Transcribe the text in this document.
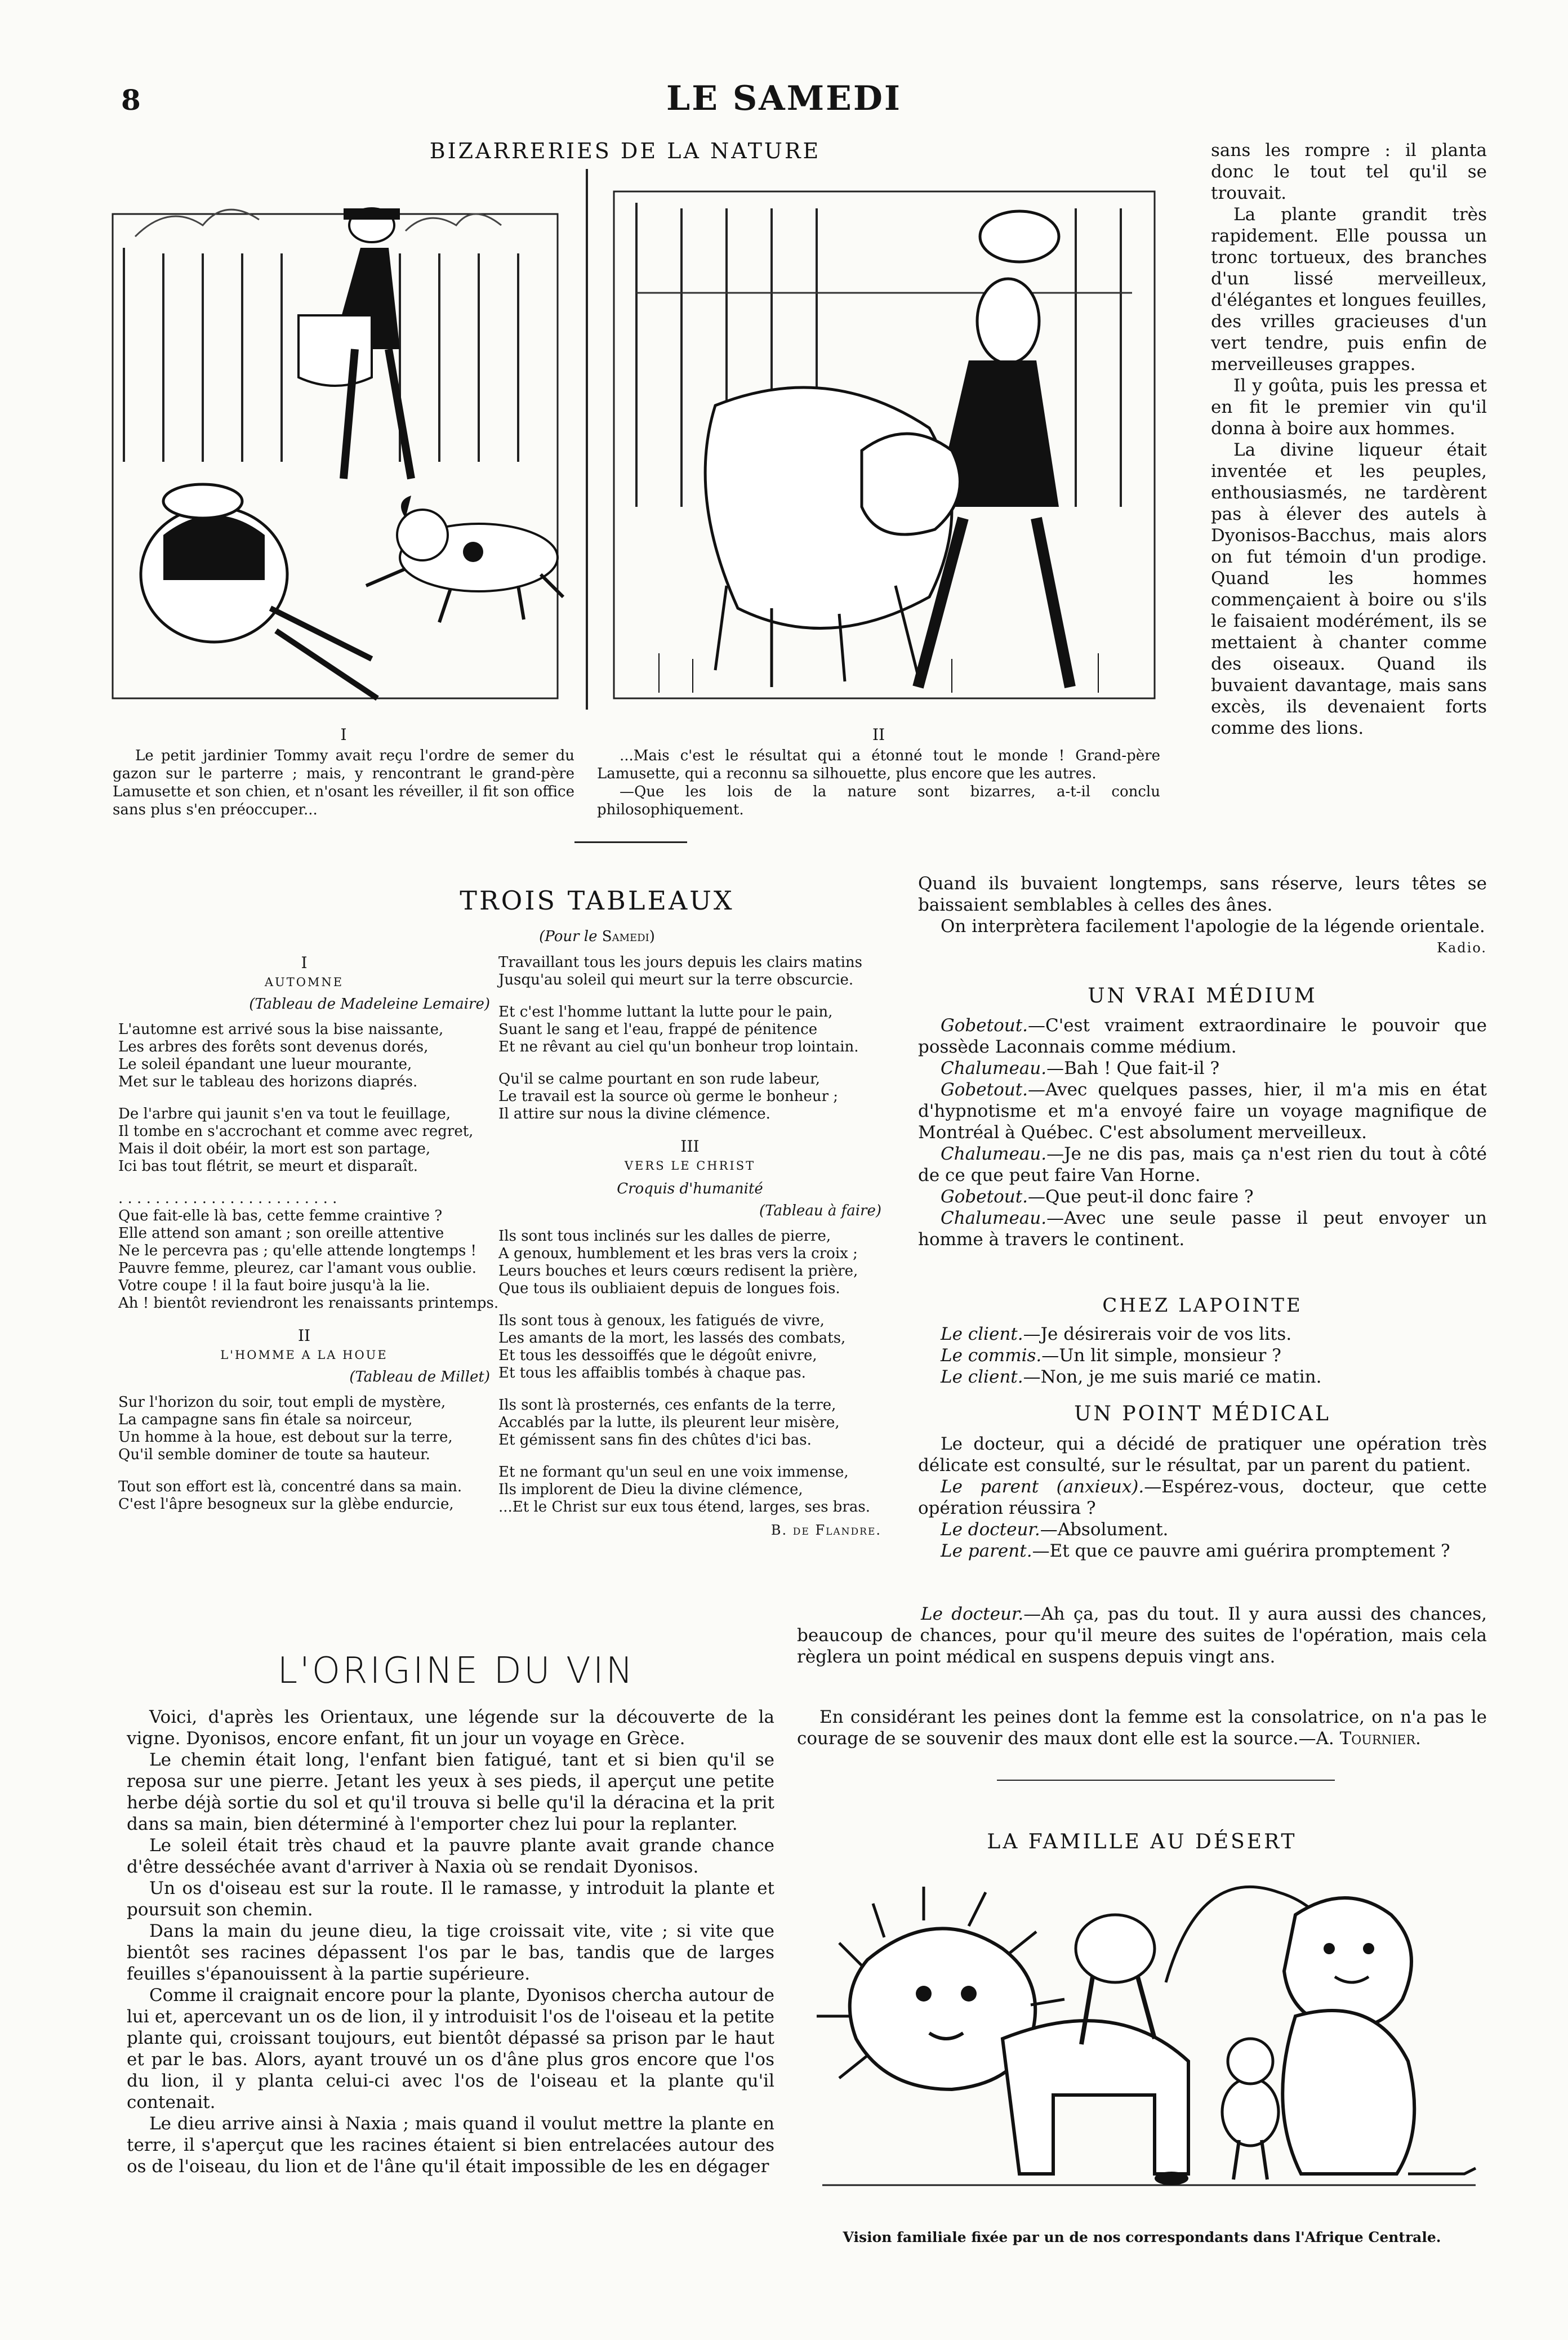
8	LE SAMEDI
BIZARRERIES DE LA NATURE
I

Le petit jardinier Tommy avait reçu l'ordre de semer du gazon sur le parterre ; mais, y rencontrant le grand-père Lamusette et son chien, et n'osant les réveiller, il fit son office sans plus s'en préoccuper...

II

...Mais c'est le résultat qui a étonné tout le monde ! Grand-père Lamusette, qui a reconnu sa silhouette, plus encore que les autres.

—Que les lois de la nature sont bizarres, a-t-il conclu philosophiquement.

sans les rompre : il planta donc le tout tel qu'il se trouvait.

La plante grandit très rapidement. Elle poussa un tronc tortueux, des branches d'un lissé merveilleux, d'élégantes et longues feuilles, des vrilles gracieuses d'un vert tendre, puis enfin de merveilleuses grappes.

Il y goûta, puis les pressa et en fit le premier vin qu'il donna à boire aux hommes.

La divine liqueur était inventée et les peuples, enthousiasmés, ne tardèrent pas à élever des autels à Dyonisos-Bacchus, mais alors on fut témoin d'un prodige. Quand les hommes commençaient à boire ou s'ils le faisaient modérément, ils se mettaient à chanter comme des oiseaux. Quand ils buvaient davantage, mais sans excès, ils devenaient forts comme des lions.

Quand ils buvaient longtemps, sans réserve, leurs têtes se baissaient semblables à celles des ânes.

On interprètera facilement l'apologie de la légende orientale.

Kadio.
TROIS TABLEAUX
(Pour le Samedi)
I
AUTOMNE
(Tableau de Madeleine Lemaire)
L'automne est arrivé sous la bise naissante,
Les arbres des forêts sont devenus dorés,
Le soleil épandant une lueur mourante,
Met sur le tableau des horizons diaprés.
De l'arbre qui jaunit s'en va tout le feuillage,
Il tombe en s'accrochant et comme avec regret,
Mais il doit obéir, la mort est son partage,
Ici bas tout flétrit, se meurt et disparaît.
. . . . . . . . . . . . . . . . . . . . . . . .
Que fait-elle là bas, cette femme craintive ?
Elle attend son amant ; son oreille attentive
Ne le percevra pas ; qu'elle attende longtemps !
Pauvre femme, pleurez, car l'amant vous oublie.
Votre coupe ! il la faut boire jusqu'à la lie.
Ah ! bientôt reviendront les renaissants printemps.
II
L'HOMME A LA HOUE
(Tableau de Millet)
Sur l'horizon du soir, tout empli de mystère,
La campagne sans fin étale sa noirceur,
Un homme à la houe, est debout sur la terre,
Qu'il semble dominer de toute sa hauteur.
Tout son effort est là, concentré dans sa main.
C'est l'âpre besogneux sur la glèbe endurcie,
Travaillant tous les jours depuis les clairs matins
Jusqu'au soleil qui meurt sur la terre obscurcie.
Et c'est l'homme luttant la lutte pour le pain,
Suant le sang et l'eau, frappé de pénitence
Et ne rêvant au ciel qu'un bonheur trop lointain.
Qu'il se calme pourtant en son rude labeur,
Le travail est la source où germe le bonheur ;
Il attire sur nous la divine clémence.
III
VERS LE CHRIST
Croquis d'humanité
(Tableau à faire)
Ils sont tous inclinés sur les dalles de pierre,
A genoux, humblement et les bras vers la croix ;
Leurs bouches et leurs cœurs redisent la prière,
Que tous ils oubliaient depuis de longues fois.
Ils sont tous à genoux, les fatigués de vivre,
Les amants de la mort, les lassés des combats,
Et tous les dessoiffés que le dégoût enivre,
Et tous les affaiblis tombés à chaque pas.
Ils sont là prosternés, ces enfants de la terre,
Accablés par la lutte, ils pleurent leur misère,
Et gémissent sans fin des chûtes d'ici bas.
Et ne formant qu'un seul en une voix immense,
Ils implorent de Dieu la divine clémence,
...Et le Christ sur eux tous étend, larges, ses bras.
B. de Flandre.
UN VRAI MÉDIUM

Gobetout.—C'est vraiment extraordinaire le pouvoir que possède Laconnais comme médium.

Chalumeau.—Bah ! Que fait-il ?

Gobetout.—Avec quelques passes, hier, il m'a mis en état d'hypnotisme et m'a envoyé faire un voyage magnifique de Montréal à Québec. C'est absolument merveilleux.

Chalumeau.—Je ne dis pas, mais ça n'est rien du tout à côté de ce que peut faire Van Horne.

Gobetout.—Que peut-il donc faire ?

Chalumeau.—Avec une seule passe il peut envoyer un homme à travers le continent.

CHEZ LAPOINTE

Le client.—Je désirerais voir de vos lits.

Le commis.—Un lit simple, monsieur ?

Le client.—Non, je me suis marié ce matin.

UN POINT MÉDICAL

Le docteur, qui a décidé de pratiquer une opération très délicate est consulté, sur le résultat, par un parent du patient.

Le parent (anxieux).—Espérez-vous, docteur, que cette opération réussira ?

Le docteur.—Absolument.

Le parent.—Et que ce pauvre ami guérira promptement ?

Le docteur.—Ah ça, pas du tout. Il y aura aussi des chances, beaucoup de chances, pour qu'il meure des suites de l'opération, mais cela règlera un point médical en suspens depuis vingt ans.

En considérant les peines dont la femme est la consolatrice, on n'a pas le courage de se souvenir des maux dont elle est la source.—A. Tournier.

L'ORIGINE DU VIN

Voici, d'après les Orientaux, une légende sur la découverte de la vigne. Dyonisos, encore enfant, fit un jour un voyage en Grèce.

Le chemin était long, l'enfant bien fatigué, tant et si bien qu'il se reposa sur une pierre. Jetant les yeux à ses pieds, il aperçut une petite herbe déjà sortie du sol et qu'il trouva si belle qu'il la déracina et la prit dans sa main, bien déterminé à l'emporter chez lui pour la replanter.

Le soleil était très chaud et la pauvre plante avait grande chance d'être desséchée avant d'arriver à Naxia où se rendait Dyonisos.

Un os d'oiseau est sur la route. Il le ramasse, y introduit la plante et poursuit son chemin.

Dans la main du jeune dieu, la tige croissait vite, vite ; si vite que bientôt ses racines dépassent l'os par le bas, tandis que de larges feuilles s'épanouissent à la partie supérieure.

Comme il craignait encore pour la plante, Dyonisos chercha autour de lui et, apercevant un os de lion, il y introduisit l'os de l'oiseau et la petite plante qui, croissant toujours, eut bientôt dépassé sa prison par le haut et par le bas. Alors, ayant trouvé un os d'âne plus gros encore que l'os du lion, il y planta celui-ci avec l'os de l'oiseau et la plante qu'il contenait.

Le dieu arrive ainsi à Naxia ; mais quand il voulut mettre la plante en terre, il s'aperçut que les racines étaient si bien entrelacées autour des os de l'oiseau, du lion et de l'âne qu'il était impossible de les en dégager

LA FAMILLE AU DÉSERT
Vision familiale fixée par un de nos correspondants dans l'Afrique Centrale.
